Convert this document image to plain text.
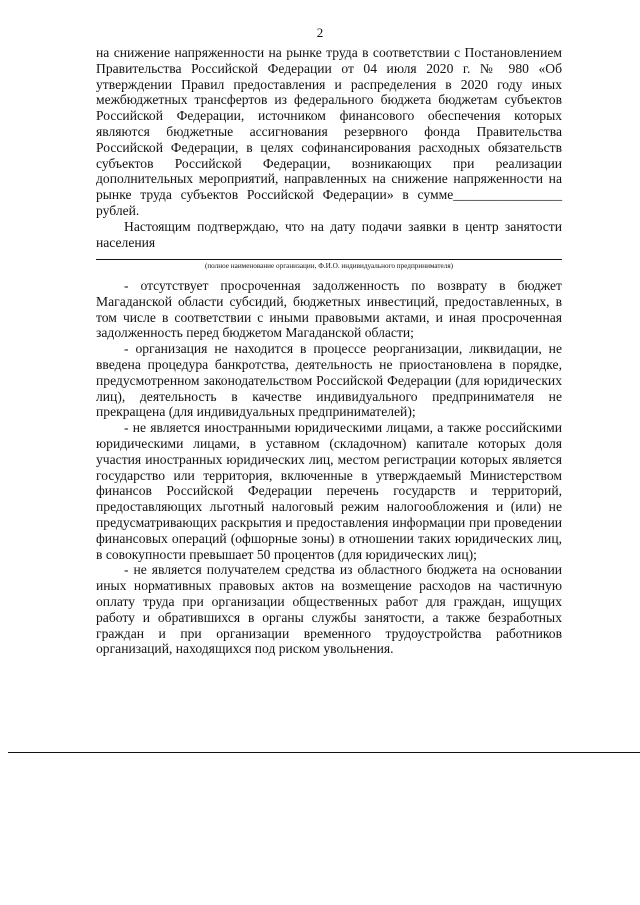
2

на снижение напряженности на рынке труда в соответствии с Постановлением Правительства Российской Федерации от 04 июля 2020 г. № 980 «Об утверждении Правил предоставления и распределения в 2020 году иных межбюджетных трансфертов из федерального бюджета бюджетам субъектов Российской Федерации, источником финансового обеспечения которых являются бюджетные ассигнования резервного фонда Правительства Российской Федерации, в целях софинансирования расходных обязательств субъектов Российской Федерации, возникающих при реализации дополнительных мероприятий, направленных на снижение напряженности на рынке труда субъектов Российской Федерации» в сумме________________ рублей.

Настоящим подтверждаю, что на дату подачи заявки в центр занятости населения

(полное наименование организации, Ф.И.О. индивидуального предпринимателя)

- отсутствует просроченная задолженность по возврату в бюджет Магаданской области субсидий, бюджетных инвестиций, предоставленных, в том числе в соответствии с иными правовыми актами, и иная просроченная задолженность перед бюджетом Магаданской области;

- организация не находится в процессе реорганизации, ликвидации, не введена процедура банкротства, деятельность не приостановлена в порядке, предусмотренном законодательством Российской Федерации (для юридических лиц), деятельность в качестве индивидуального предпринимателя не прекращена (для индивидуальных предпринимателей);

- не является иностранными юридическими лицами, а также российскими юридическими лицами, в уставном (складочном) капитале которых доля участия иностранных юридических лиц, местом регистрации которых является государство или территория, включенные в утверждаемый Министерством финансов Российской Федерации перечень государств и территорий, предоставляющих льготный налоговый режим налогообложения и (или) не предусматривающих раскрытия и предоставления информации при проведении финансовых операций (офшорные зоны) в отношении таких юридических лиц, в совокупности превышает 50 процентов (для юридических лиц);

- не является получателем средства из областного бюджета на основании иных нормативных правовых актов на возмещение расходов на частичную оплату труда при организации общественных работ для граждан, ищущих работу и обратившихся в органы службы занятости, а также безработных граждан и при организации временного трудоустройства работников организаций, находящихся под риском увольнения.
